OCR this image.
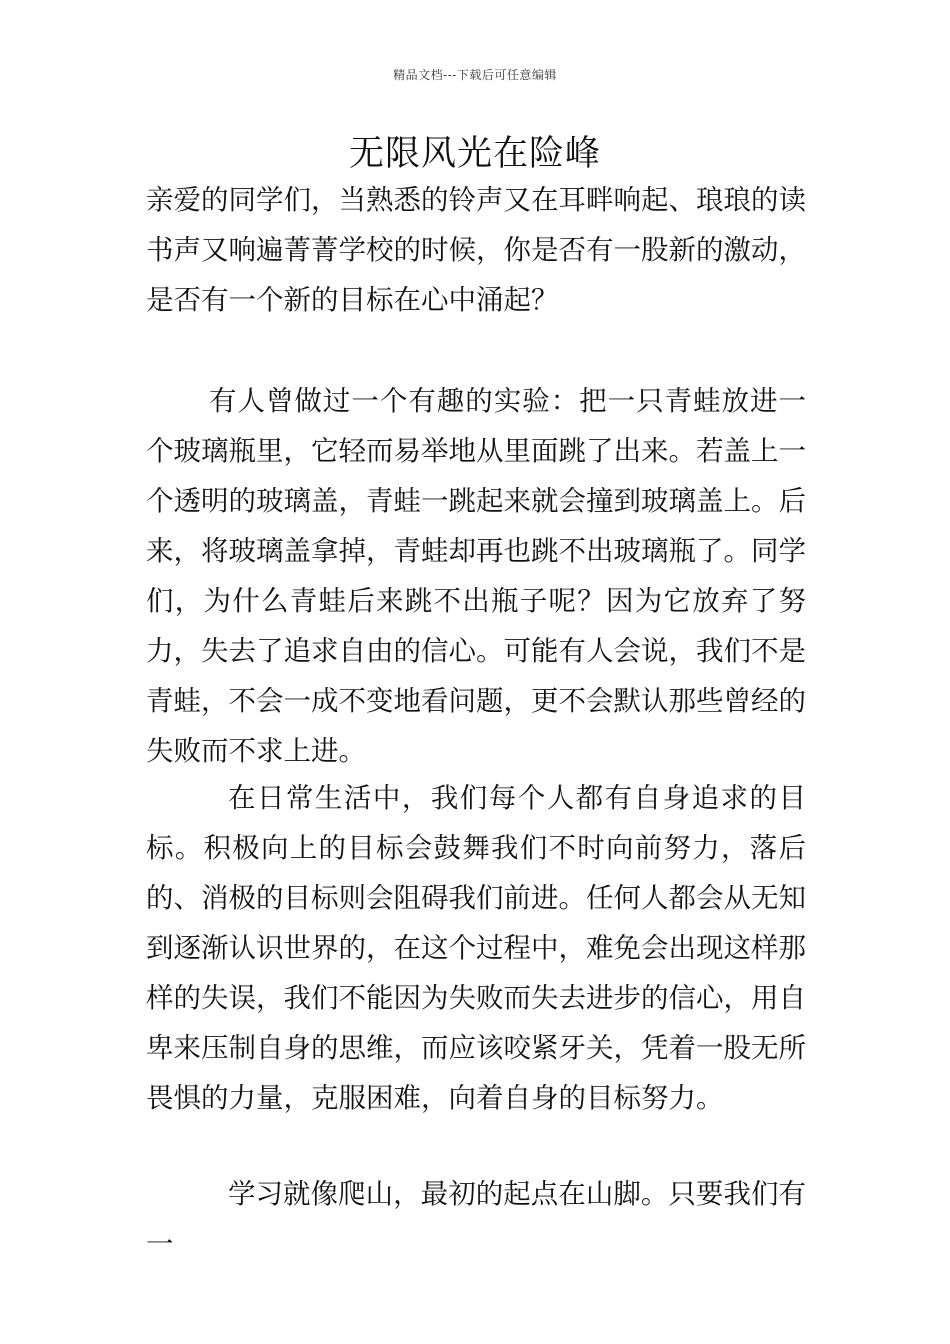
精品文档---下载后可任意编辑
无限风光在险峰

亲爱的同学们，当熟悉的铃声又在耳畔响起、琅琅的读书声又响遍菁菁学校的时候，你是否有一股新的激动，是否有一个新的目标在心中涌起？

有人曾做过一个有趣的实验：把一只青蛙放进一个玻璃瓶里，它轻而易举地从里面跳了出来。若盖上一个透明的玻璃盖，青蛙一跳起来就会撞到玻璃盖上。后来，将玻璃盖拿掉，青蛙却再也跳不出玻璃瓶了。同学们，为什么青蛙后来跳不出瓶子呢？因为它放弃了努力，失去了追求自由的信心。可能有人会说，我们不是青蛙，不会一成不变地看问题，更不会默认那些曾经的失败而不求上进。

在日常生活中，我们每个人都有自身追求的目标。积极向上的目标会鼓舞我们不时向前努力，落后的、消极的目标则会阻碍我们前进。任何人都会从无知到逐渐认识世界的，在这个过程中，难免会出现这样那样的失误，我们不能因为失败而失去进步的信心，用自卑来压制自身的思维，而应该咬紧牙关，凭着一股无所畏惧的力量，克服困难，向着自身的目标努力。

学习就像爬山，最初的起点在山脚。只要我们有一
